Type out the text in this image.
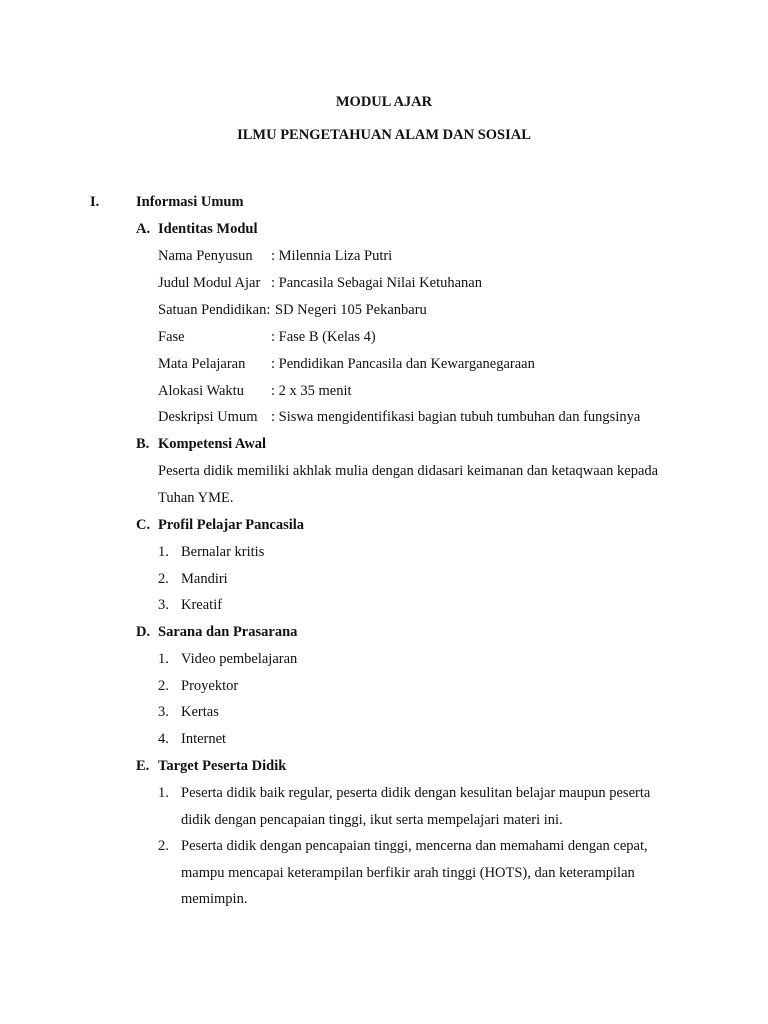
MODUL AJAR
ILMU PENGETAHUAN ALAM DAN SOSIAL
I.	Informasi Umum
A. Identitas Modul
Nama Penyusun : Milennia Liza Putri
Judul Modul Ajar : Pancasila Sebagai Nilai Ketuhanan
Satuan Pendidikan: SD Negeri 105 Pekanbaru
Fase	: Fase B (Kelas 4)
Mata Pelajaran : Pendidikan Pancasila dan Kewarganegaraan
Alokasi Waktu : 2 x 35 menit
Deskripsi Umum : Siswa mengidentifikasi bagian tubuh tumbuhan dan fungsinya
B. Kompetensi Awal
Peserta didik memiliki akhlak mulia dengan didasari keimanan dan ketaqwaan kepada
Tuhan YME.
C. Profil Pelajar Pancasila
1. Bernalar kritis
2. Mandiri
3. Kreatif
D. Sarana dan Prasarana
1. Video pembelajaran
2. Proyektor
3. Kertas
4. Internet
E. Target Peserta Didik
1. Peserta didik baik regular, peserta didik dengan kesulitan belajar maupun peserta
didik dengan pencapaian tinggi, ikut serta mempelajari materi ini.
2. Peserta didik dengan pencapaian tinggi, mencerna dan memahami dengan cepat,
mampu mencapai keterampilan berfikir arah tinggi (HOTS), dan keterampilan
memimpin.
